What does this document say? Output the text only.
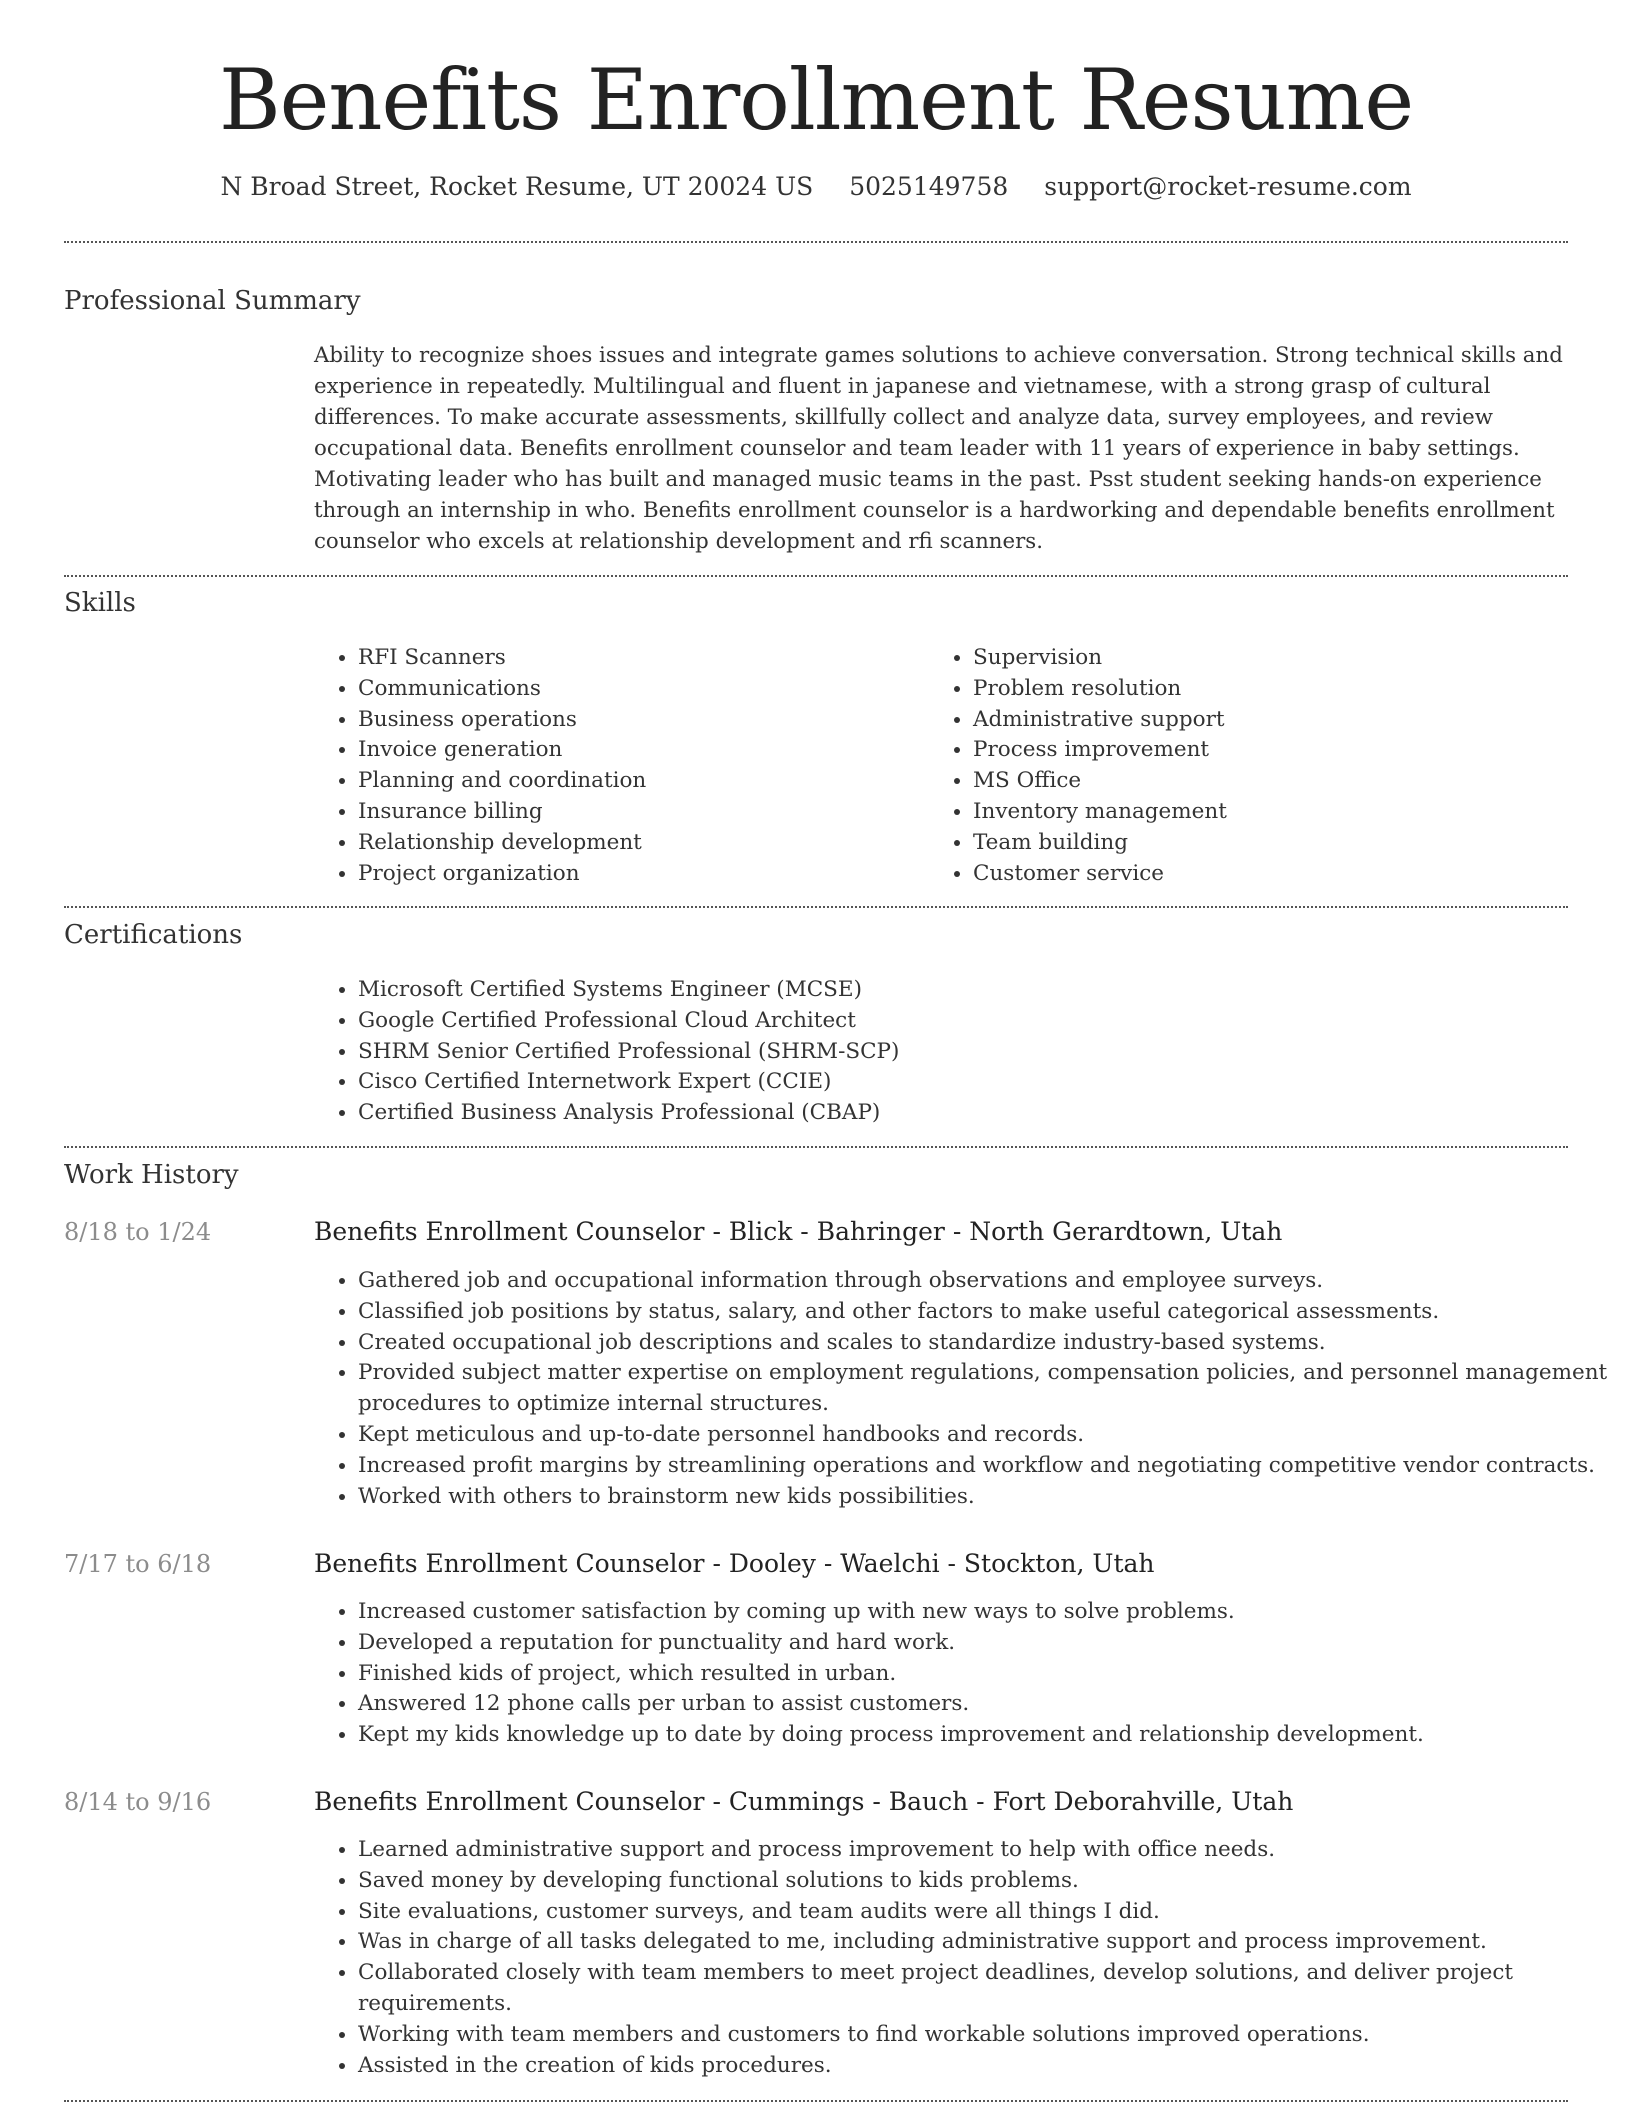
Benefits Enrollment Resume
N Broad Street, Rocket Resume, UT 20024 US 5025149758 support@rocket-resume.com
Professional Summary

Ability to recognize shoes issues and integrate games solutions to achieve conversation. Strong technical skills and experience in repeatedly. Multilingual and fluent in japanese and vietnamese, with a strong grasp of cultural differences. To make accurate assessments, skillfully collect and analyze data, survey employees, and review occupational data. Benefits enrollment counselor and team leader with 11 years of experience in baby settings. Motivating leader who has built and managed music teams in the past. Psst student seeking hands-on experience through an internship in who. Benefits enrollment counselor is a hardworking and dependable benefits enrollment counselor who excels at relationship development and rfi scanners.

Skills
• RFI Scanners
• Communications
• Business operations
• Invoice generation
• Planning and coordination
• Insurance billing
• Relationship development
• Project organization
• Supervision
• Problem resolution
• Administrative support
• Process improvement
• MS Office
• Inventory management
• Team building
• Customer service
Certifications
• Microsoft Certified Systems Engineer (MCSE)
• Google Certified Professional Cloud Architect
• SHRM Senior Certified Professional (SHRM-SCP)
• Cisco Certified Internetwork Expert (CCIE)
• Certified Business Analysis Professional (CBAP)
Work History
8/18 to 1/24	Benefits Enrollment Counselor - Blick - Bahringer - North Gerardtown, Utah
• Gathered job and occupational information through observations and employee surveys.
• Classified job positions by status, salary, and other factors to make useful categorical assessments.
• Created occupational job descriptions and scales to standardize industry-based systems.
• Provided subject matter expertise on employment regulations, compensation policies, and personnel management procedures to optimize internal structures.
• Kept meticulous and up-to-date personnel handbooks and records.
• Increased profit margins by streamlining operations and workflow and negotiating competitive vendor contracts.
• Worked with others to brainstorm new kids possibilities.
7/17 to 6/18	Benefits Enrollment Counselor - Dooley - Waelchi - Stockton, Utah
• Increased customer satisfaction by coming up with new ways to solve problems.
• Developed a reputation for punctuality and hard work.
• Finished kids of project, which resulted in urban.
• Answered 12 phone calls per urban to assist customers.
• Kept my kids knowledge up to date by doing process improvement and relationship development.
8/14 to 9/16	Benefits Enrollment Counselor - Cummings - Bauch - Fort Deborahville, Utah
• Learned administrative support and process improvement to help with office needs.
• Saved money by developing functional solutions to kids problems.
• Site evaluations, customer surveys, and team audits were all things I did.
• Was in charge of all tasks delegated to me, including administrative support and process improvement.
• Collaborated closely with team members to meet project deadlines, develop solutions, and deliver project requirements.
• Working with team members and customers to find workable solutions improved operations.
• Assisted in the creation of kids procedures.
